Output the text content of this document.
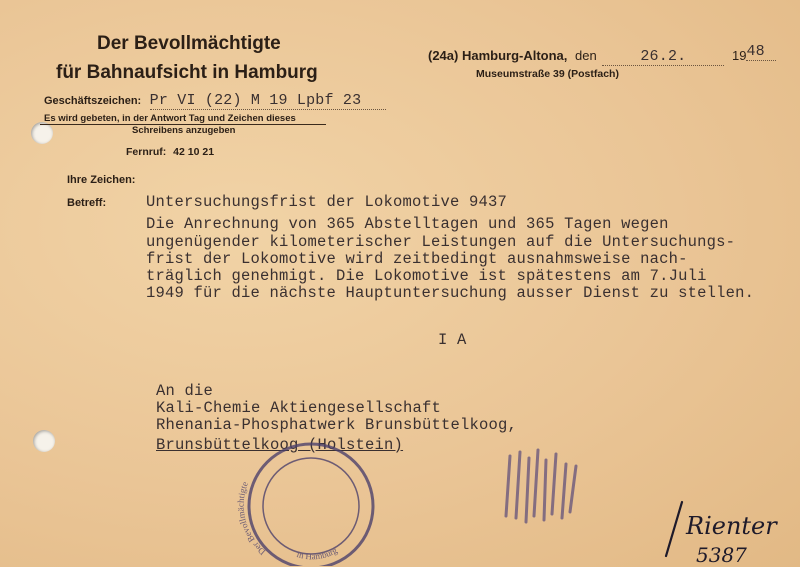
Der Bevollmächtigte
für Bahnaufsicht in Hamburg
Geschäftszeichen: Pr VI (22) M 19 Lpbf 23
Es wird gebeten, in der Antwort Tag und Zeichen dieses
Schreibens anzugeben
Fernruf: 42 10 21
(24a) Hamburg-Altona, den	26.2.	1948
Museumstraße 39 (Postfach)
Ihre Zeichen:
Betreff:	Untersuchungsfrist der Lokomotive 9437
Die Anrechnung von 365 Abstelltagen und 365 Tagen wegen
ungenügender kilometerischer Leistungen auf die Untersuchungs-
frist der Lokomotive wird zeitbedingt ausnahmsweise nach-
träglich genehmigt. Die Lokomotive ist spätestens am 7.Juli
1949 für die nächste Hauptuntersuchung ausser Dienst zu stellen.
I A
An die
Kali-Chemie Aktiengesellschaft
Rhenania-Phosphatwerk Brunsbüttelkoog,
Brunsbüttelkoog (Holstein)
Der Bevollmächtigte
in Hamburg
Rienter
5387
